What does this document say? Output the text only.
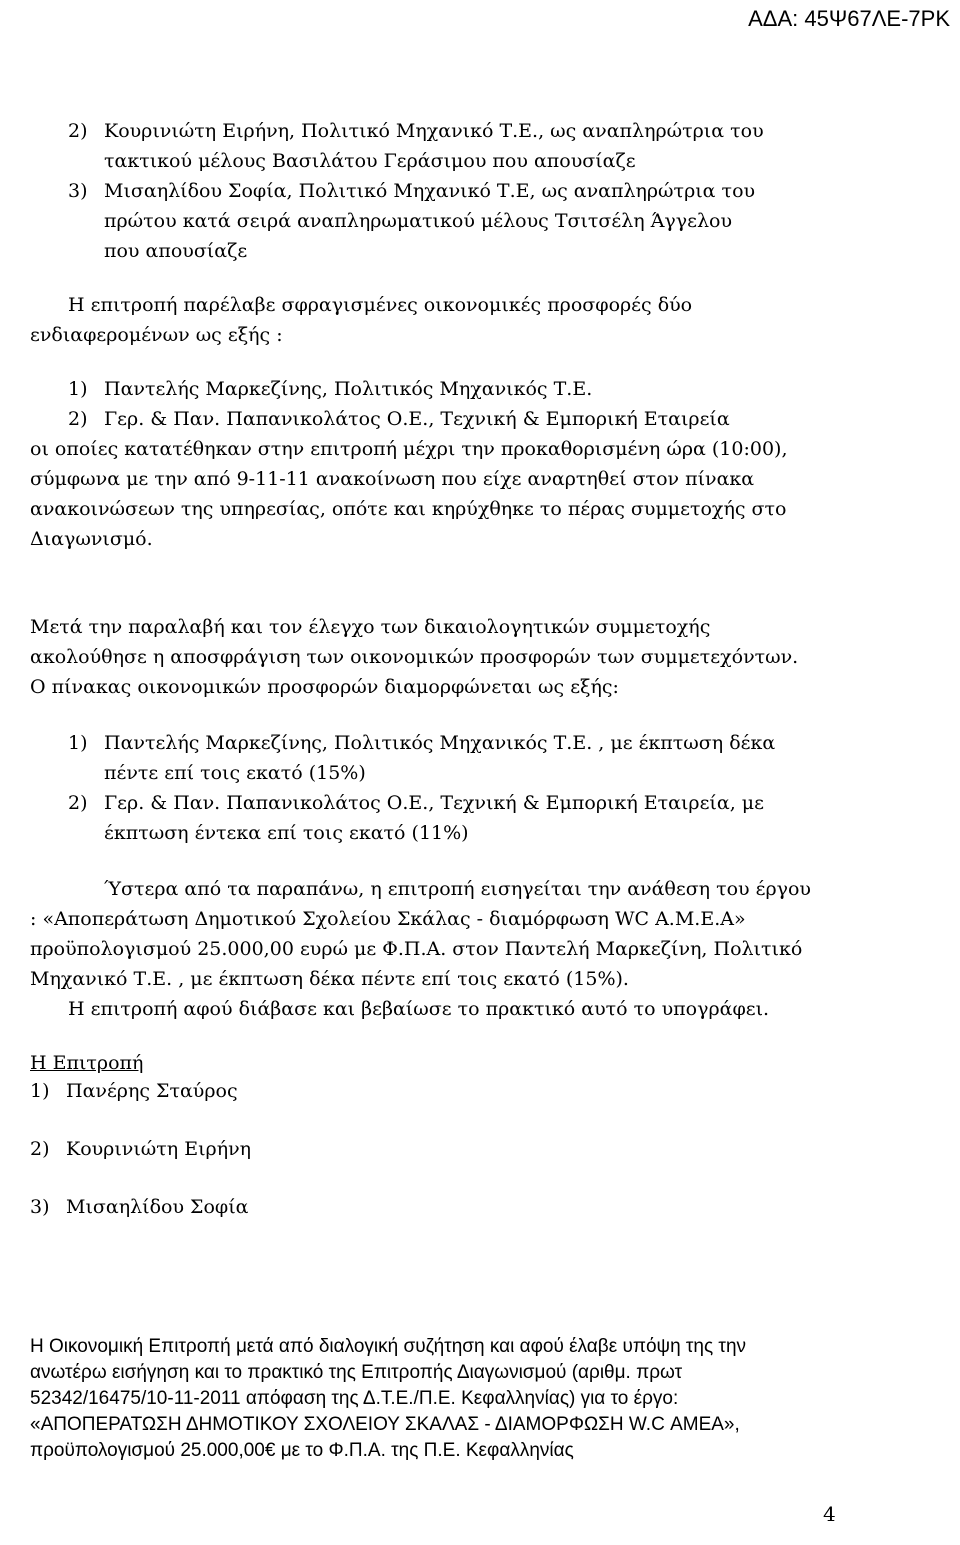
ΑΔΑ: 45Ψ67ΛΕ-7ΡΚ
2) Κουρινιώτη Ειρήνη, Πολιτικό Μηχανικό Τ.Ε., ως αναπληρώτρια του
τακτικού μέλους Βασιλάτου Γεράσιμου που απουσίαζε
3) Μισαηλίδου Σοφία, Πολιτικό Μηχανικό Τ.Ε, ως αναπληρώτρια του
πρώτου κατά σειρά αναπληρωματικού μέλους Τσιτσέλη Άγγελου
που απουσίαζε
Η επιτροπή παρέλαβε σφραγισμένες οικονομικές προσφορές δύο
ενδιαφερομένων ως εξής :
1) Παντελής Μαρκεζίνης, Πολιτικός Μηχανικός Τ.Ε.
2) Γερ. & Παν. Παπανικολάτος Ο.Ε., Τεχνική & Εμπορική Εταιρεία
οι οποίες κατατέθηκαν στην επιτροπή μέχρι την προκαθορισμένη ώρα (10:00),
σύμφωνα με την από 9-11-11 ανακοίνωση που είχε αναρτηθεί στον πίνακα
ανακοινώσεων της υπηρεσίας, οπότε και κηρύχθηκε το πέρας συμμετοχής στο
Διαγωνισμό.
Μετά την παραλαβή και τον έλεγχο των δικαιολογητικών συμμετοχής
ακολούθησε η αποσφράγιση των οικονομικών προσφορών των συμμετεχόντων.
Ο πίνακας οικονομικών προσφορών διαμορφώνεται ως εξής:
1) Παντελής Μαρκεζίνης, Πολιτικός Μηχανικός Τ.Ε. , με έκπτωση δέκα
πέντε επί τοις εκατό (15%)
2) Γερ. & Παν. Παπανικολάτος Ο.Ε., Τεχνική & Εμπορική Εταιρεία, με
έκπτωση έντεκα επί τοις εκατό (11%)
Ύστερα από τα παραπάνω, η επιτροπή εισηγείται την ανάθεση του έργου
: «Αποπεράτωση Δημοτικού Σχολείου Σκάλας - διαμόρφωση WC Α.Μ.Ε.Α»
προϋπολογισμού 25.000,00 ευρώ με Φ.Π.Α. στον Παντελή Μαρκεζίνη, Πολιτικό
Μηχανικό Τ.Ε. , με έκπτωση δέκα πέντε επί τοις εκατό (15%).
Η επιτροπή αφού διάβασε και βεβαίωσε το πρακτικό αυτό το υπογράφει.
Η Επιτροπή
1) Πανέρης Σταύρος
2) Κουρινιώτη Ειρήνη
3) Μισαηλίδου Σοφία
Η Οικονομική Επιτροπή μετά από διαλογική συζήτηση και αφού έλαβε υπόψη της την
ανωτέρω εισήγηση και το πρακτικό της Επιτροπής Διαγωνισμού (αριθμ. πρωτ
52342/16475/10-11-2011 απόφαση της Δ.Τ.Ε./Π.Ε. Κεφαλληνίας) για το έργο:
«ΑΠΟΠΕΡΑΤΩΣΗ ΔΗΜΟΤΙΚΟΥ ΣΧΟΛΕΙΟΥ ΣΚΑΛΑΣ - ΔΙΑΜΟΡΦΩΣΗ W.C ΑΜΕΑ»,
προϋπολογισμού 25.000,00€ με το Φ.Π.Α. της Π.Ε. Κεφαλληνίας
4
